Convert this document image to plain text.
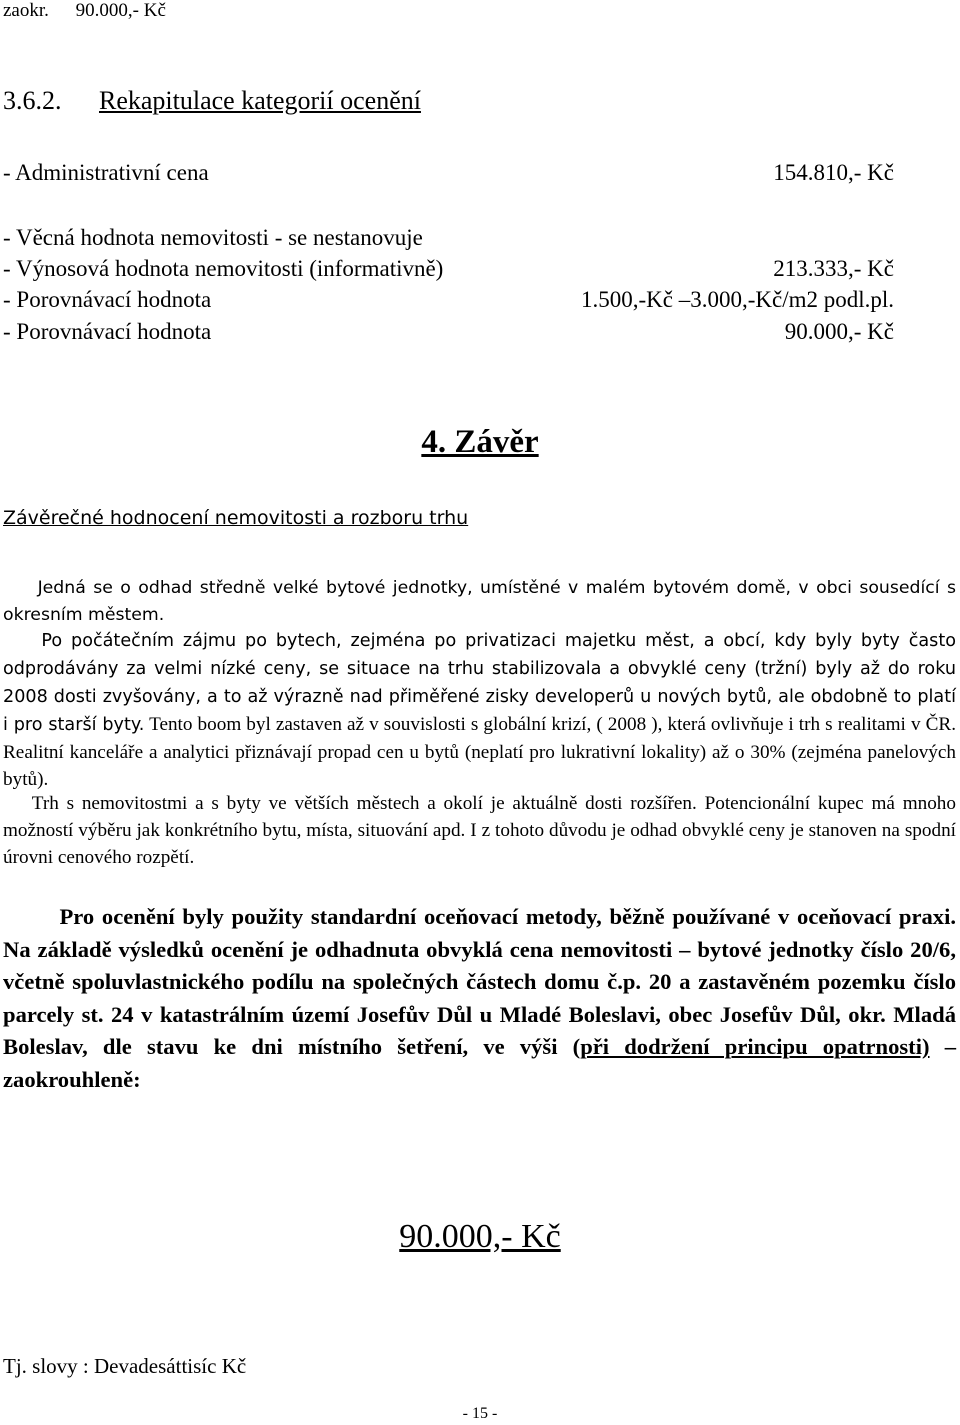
zaokr. 90.000,- Kč
3.6.2. Rekapitulace kategorií ocenění
- Administrativní cena	154.810,- Kč
- Věcná hodnota nemovitosti - se nestanovuje
- Výnosová hodnota nemovitosti (informativně)	213.333,- Kč
- Porovnávací hodnota	1.500,-Kč –3.000,-Kč/m2 podl.pl.
- Porovnávací hodnota	90.000,- Kč
4. Závěr
Závěrečné hodnocení nemovitosti a rozboru trhu
  Jedná se o odhad středně velké bytové jednotky, umístěné v malém bytovém domě, v obci sousedící s okresním městem.
  Po počátečním zájmu po bytech, zejména po privatizaci majetku měst, a obcí, kdy byly byty často odprodávány za velmi nízké ceny, se situace na trhu stabilizovala a obvyklé ceny (tržní) byly až do roku 2008 dosti zvyšovány, a to až výrazně nad přiměřené zisky developerů u nových bytů, ale obdobně to platí i pro starší byty. Tento boom byl zastaven až v souvislosti s globální krizí, ( 2008 ), která ovlivňuje i trh s realitami v ČR. Realitní kanceláře a analytici přiznávají propad cen u bytů (neplatí pro lukrativní lokality) až o 30% (zejména panelových bytů).
  Trh s nemovitostmi a s byty ve větších městech a okolí je aktuálně dosti rozšířen. Potencionální kupec má mnoho možností výběru jak konkrétního bytu, místa, situování apd. I z tohoto důvodu je odhad obvyklé ceny je stanoven na spodní úrovni cenového rozpětí.
   Pro ocenění byly použity standardní oceňovací metody, běžně používané v oceňovací praxi. Na základě výsledků ocenění je odhadnuta obvyklá cena nemovitosti – bytové jednotky číslo 20/6, včetně spoluvlastnického podílu na společných částech domu č.p. 20 a zastavěném pozemku číslo parcely st. 24 v katastrálním území Josefův Důl u Mladé Boleslavi, obec Josefův Důl, okr. Mladá Boleslav, dle stavu ke dni místního šetření, ve výši (při dodržení principu opatrnosti) – zaokrouhleně:
90.000,- Kč
Tj. slovy : Devadesáttisíc Kč
- 15 -
